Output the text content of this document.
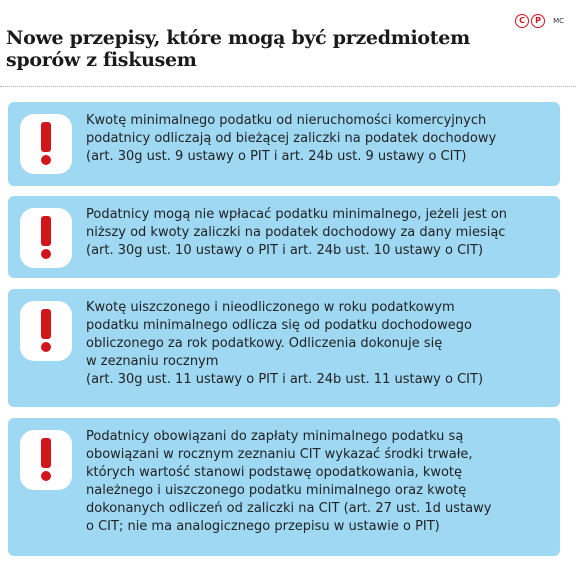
Nowe przepisy, które mogą być przedmiotem sporów z fiskusem
C	P	MC
Kwotę minimalnego podatku od nieruchomości komercyjnych
podatnicy odliczają od bieżącej zaliczki na podatek dochodowy
(art. 30g ust. 9 ustawy o PIT i art. 24b ust. 9 ustawy o CIT)
Podatnicy mogą nie wpłacać podatku minimalnego, jeżeli jest on
niższy od kwoty zaliczki na podatek dochodowy za dany miesiąc
(art. 30g ust. 10 ustawy o PIT i art. 24b ust. 10 ustawy o CIT)
Kwotę uiszczonego i nieodliczonego w roku podatkowym
podatku minimalnego odlicza się od podatku dochodowego
obliczonego za rok podatkowy. Odliczenia dokonuje się
w zeznaniu rocznym
(art. 30g ust. 11 ustawy o PIT i art. 24b ust. 11 ustawy o CIT)
Podatnicy obowiązani do zapłaty minimalnego podatku są
obowiązani w rocznym zeznaniu CIT wykazać środki trwałe,
których wartość stanowi podstawę opodatkowania, kwotę
należnego i uiszczonego podatku minimalnego oraz kwotę
dokonanych odliczeń od zaliczki na CIT (art. 27 ust. 1d ustawy
o CIT; nie ma analogicznego przepisu w ustawie o PIT)
